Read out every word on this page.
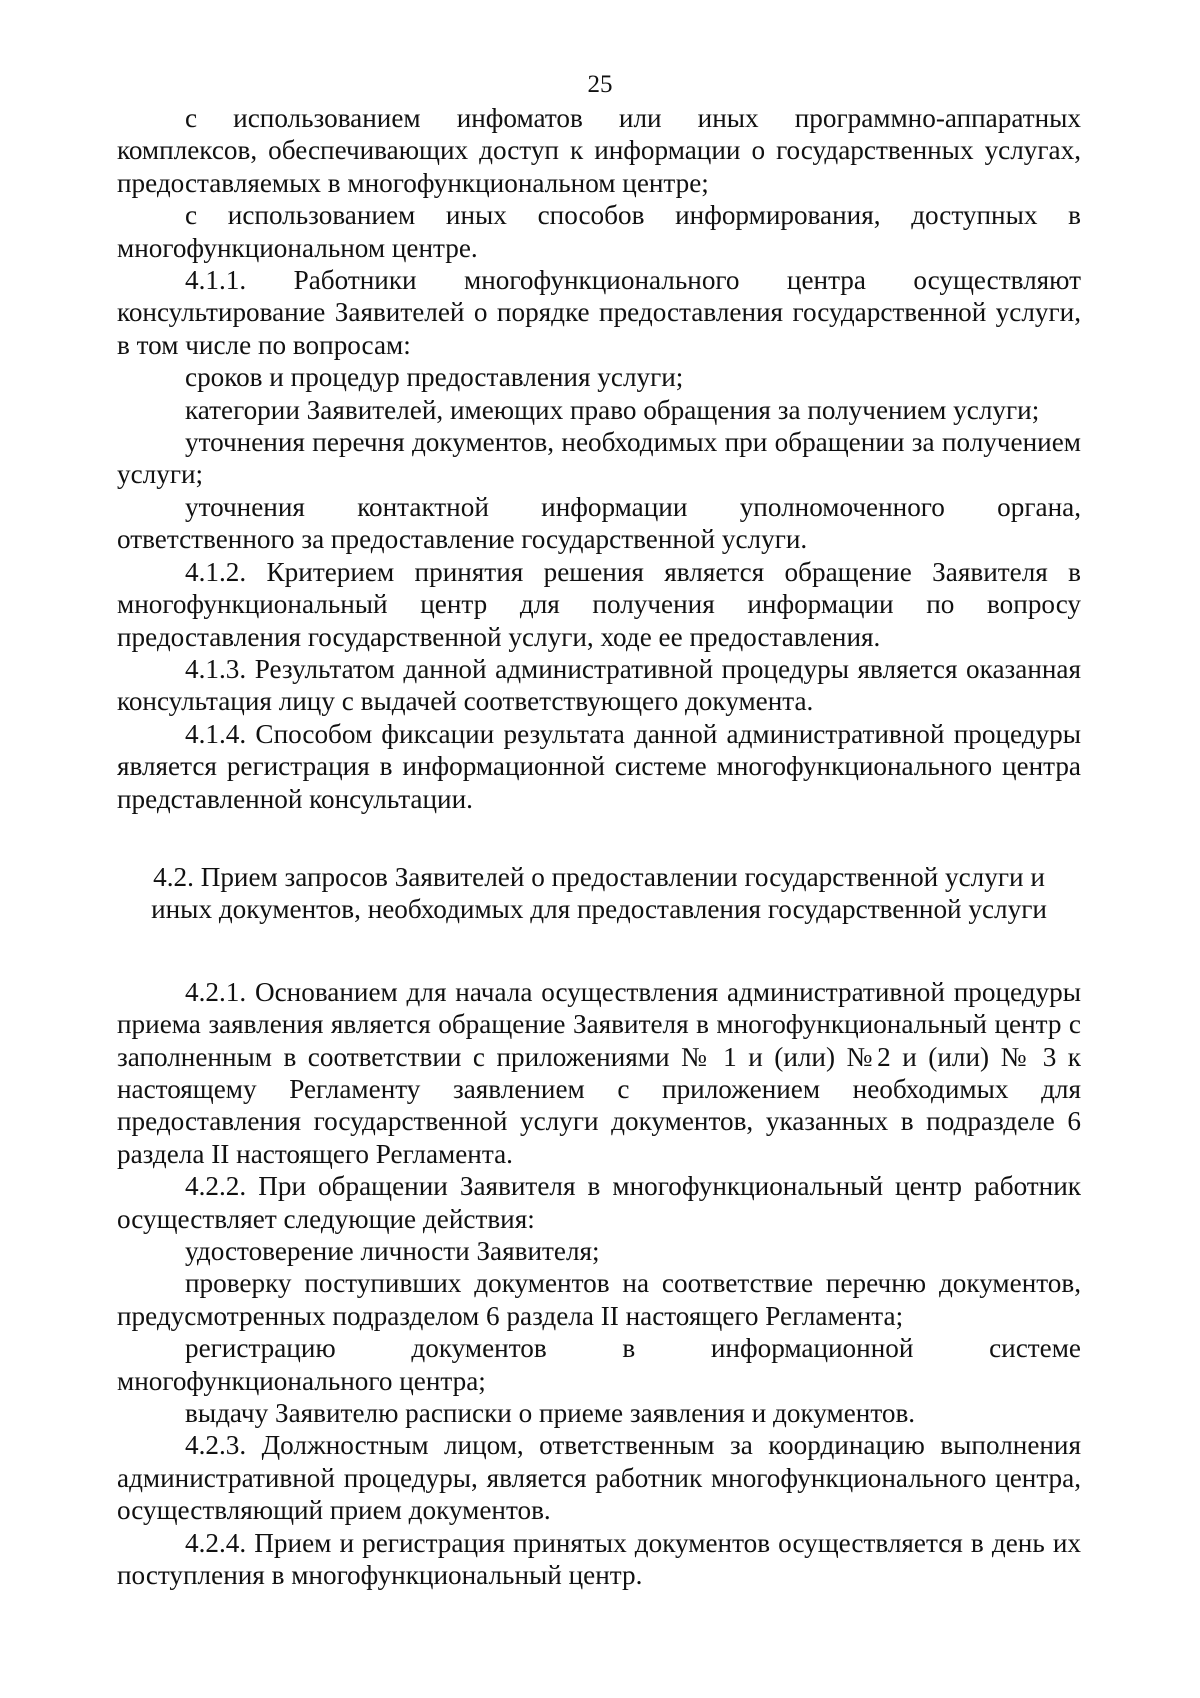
25

с использованием инфоматов или иных программно-аппаратных комплексов, обеспечивающих доступ к информации о государственных услугах, предоставляемых в многофункциональном центре;

с использованием иных способов информирования, доступных в многофункциональном центре.

4.1.1. Работники многофункционального центра осуществляют консультирование Заявителей о порядке предоставления государственной услуги, в том числе по вопросам:

сроков и процедур предоставления услуги;

категории Заявителей, имеющих право обращения за получением услуги;

уточнения перечня документов, необходимых при обращении за получением услуги;

уточнения контактной информации уполномоченного органа, ответственного за предоставление государственной услуги.

4.1.2. Критерием принятия решения является обращение Заявителя в многофункциональный центр для получения информации по вопросу предоставления государственной услуги, ходе ее предоставления.

4.1.3. Результатом данной административной процедуры является оказанная консультация лицу с выдачей соответствующего документа.

4.1.4. Способом фиксации результата данной административной процедуры является регистрация в информационной системе многофункционального центра представленной консультации.

4.2. Прием запросов Заявителей о предоставлении государственной услуги и иных документов, необходимых для предоставления государственной услуги

4.2.1. Основанием для начала осуществления административной процедуры приема заявления является обращение Заявителя в многофункциональный центр с заполненным в соответствии с приложениями № 1 и (или) №2 и (или) № 3 к настоящему Регламенту заявлением с приложением необходимых для предоставления государственной услуги документов, указанных в подразделе 6 раздела II настоящего Регламента.

4.2.2. При обращении Заявителя в многофункциональный центр работник осуществляет следующие действия:

удостоверение личности Заявителя;

проверку поступивших документов на соответствие перечню документов, предусмотренных подразделом 6 раздела II настоящего Регламента;

регистрацию документов в информационной системе многофункционального центра;

выдачу Заявителю расписки о приеме заявления и документов.

4.2.3. Должностным лицом, ответственным за координацию выполнения административной процедуры, является работник многофункционального центра, осуществляющий прием документов.

4.2.4. Прием и регистрация принятых документов осуществляется в день их поступления в многофункциональный центр.
